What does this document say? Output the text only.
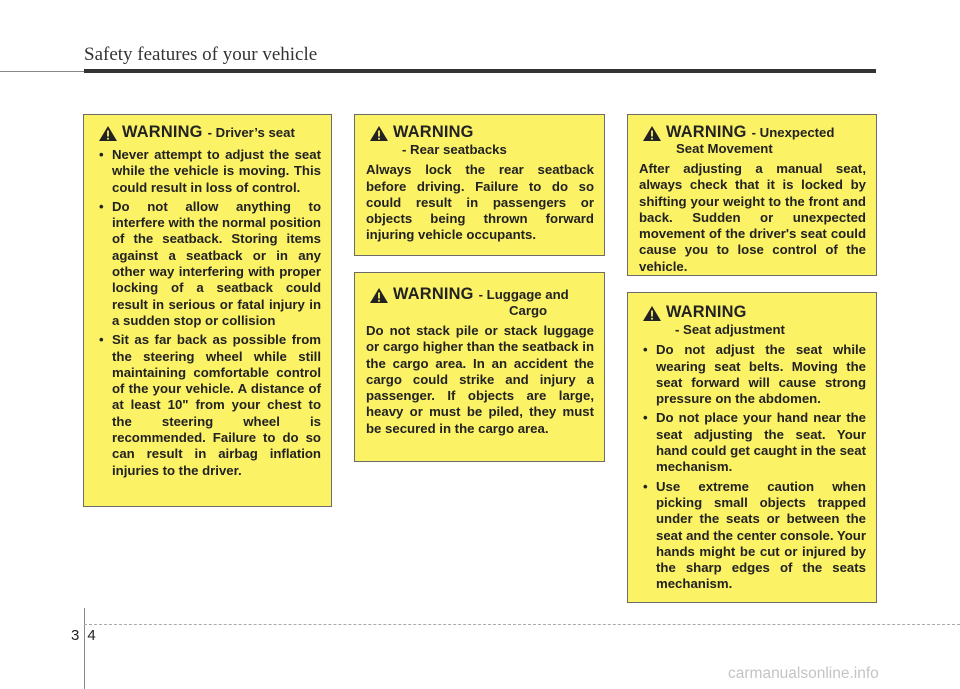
Safety features of your vehicle
WARNING - Driver’s seat
• Never attempt to adjust the seat while the vehicle is moving. This could result in loss of control.
• Do not allow anything to interfere with the normal position of the seatback. Storing items against a seatback or in any other way interfering with proper locking of a seatback could result in serious or fatal injury in a sudden stop or collision
• Sit as far back as possible from the steering wheel while still maintaining comfortable control of the your vehicle. A distance of at least 10" from your chest to the steering wheel is recommended. Failure to do so can result in airbag inflation injuries to the driver.
WARNING
- Rear seatbacks
Always lock the rear seatback before driving. Failure to do so could result in passengers or objects being thrown forward injuring vehicle occupants.
WARNING - Luggage and
Cargo
Do not stack pile or stack luggage or cargo higher than the seatback in the cargo area. In an accident the cargo could strike and injury a passenger. If objects are large, heavy or must be piled, they must be secured in the cargo area.
WARNING - Unexpected
Seat Movement
After adjusting a manual seat, always check that it is locked by shifting your weight to the front and back. Sudden or unexpected movement of the driver's seat could cause you to lose control of the vehicle.
WARNING
- Seat adjustment
• Do not adjust the seat while wearing seat belts. Moving the seat forward will cause strong pressure on the abdomen.
• Do not place your hand near the seat adjusting the seat. Your hand could get caught in the seat mechanism.
• Use extreme caution when picking small objects trapped under the seats or between the seat and the center console. Your hands might be cut or injured by the sharp edges of the seats mechanism.
34
carmanualsonline.info
